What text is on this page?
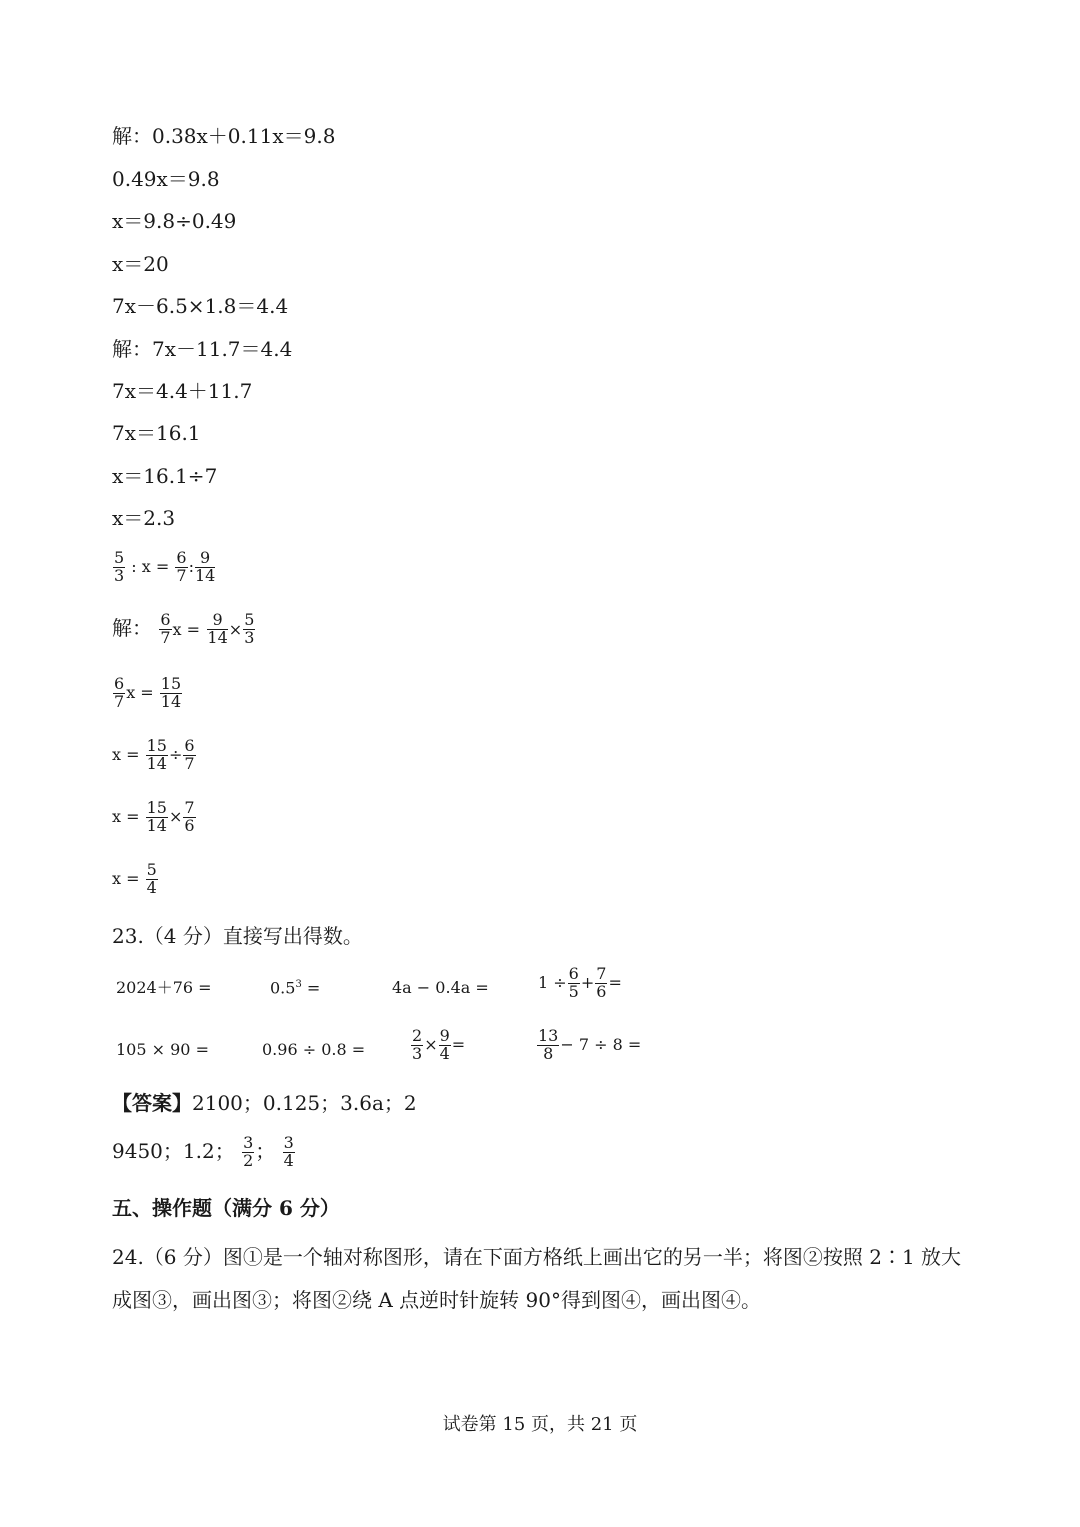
解：0.38x＋0.11x＝9.8
0.49x＝9.8
x＝9.8÷0.49
x＝20
7x－6.5×1.8＝4.4
解：7x－11.7＝4.4
7x＝4.4＋11.7
7x＝16.1
x＝16.1÷7
x＝2.3
$\frac{5}{3}$ : $x = \frac{6}{7}$ : $\frac{9}{14}$
解： $\frac{6}{7}$ $x = \frac{9}{14} \times \frac{5}{3}$
$\frac{6}{7}$ $x = \frac{15}{14}$
$x = \frac{15}{14} \div \frac{6}{7}$
$x = \frac{15}{14} \times \frac{7}{6}$
$x = \frac{5}{4}$
23.（4 分）直接写出得数。
2024＋76 =	$0.5^3$ =	4a − 0.4a =	$1 \div \frac{6}{5} + \frac{7}{6}$ =
105 × 90 =	0.96 ÷ 0.8 =	$\frac{2}{3} \times \frac{9}{4}$ =	$\frac{13}{8} - 7 \div 8$ =
【答案】2100；0.125；3.6a；2
9450；1.2； $\frac{3}{2}$ ； $\frac{3}{4}$
五、操作题（满分 6 分）
24.（6 分）图①是一个轴对称图形，请在下面方格纸上画出它的另一半；将图②按照 2∶1 放大成图③，画出图③；将图②绕 A 点逆时针旋转 90°得到图④，画出图④。
试卷第 15 页，共 21 页
